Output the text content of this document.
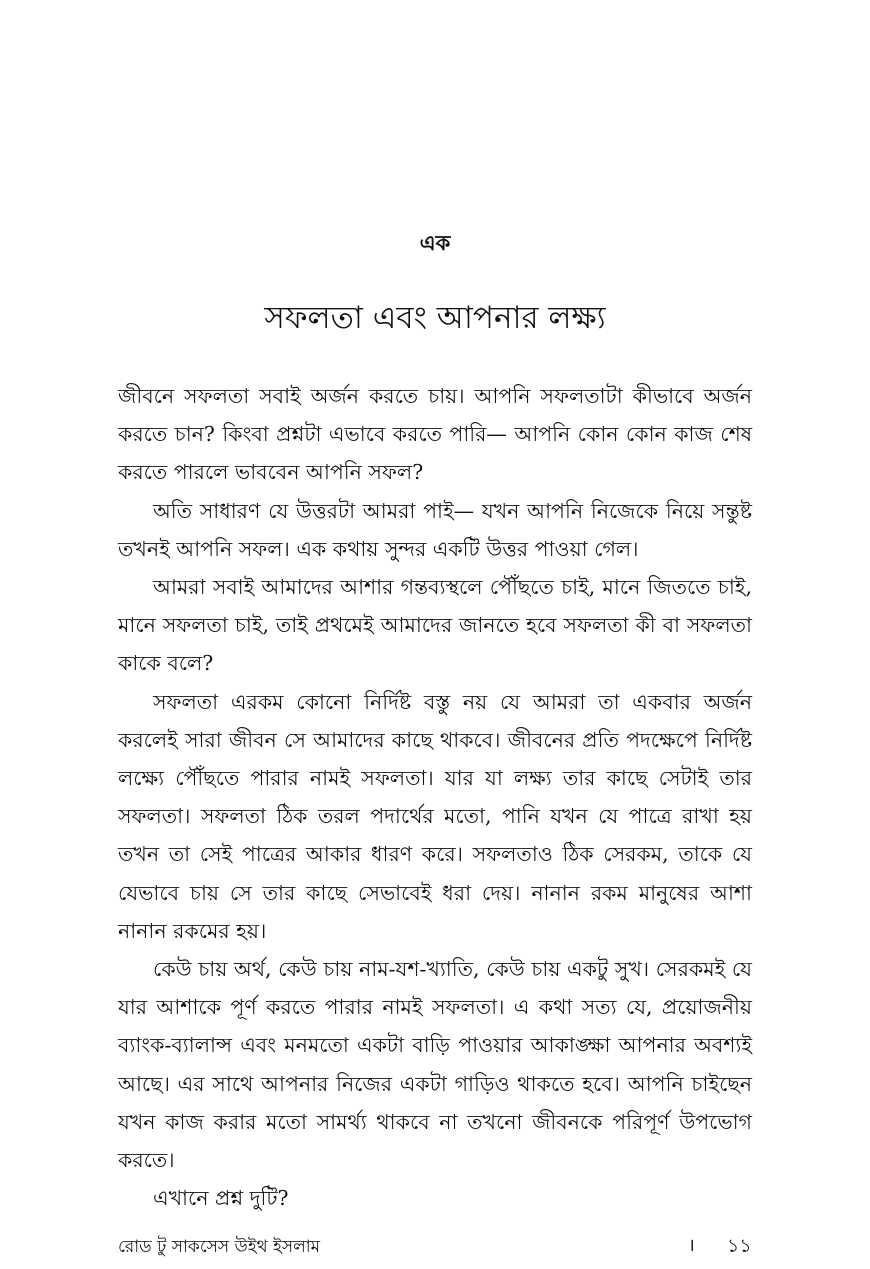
এক
সফলতা এবং আপনার লক্ষ্য

জীবনে সফলতা সবাই অর্জন করতে চায়। আপনি সফলতাটা কীভাবে অর্জন করতে চান? কিংবা প্রশ্নটা এভাবে করতে পারি— আপনি কোন কোন কাজ শেষ করতে পারলে ভাববেন আপনি সফল?

অতি সাধারণ যে উত্তরটা আমরা পাই— যখন আপনি নিজেকে নিয়ে সন্তুষ্ট তখনই আপনি সফল। এক কথায় সুন্দর একটি উত্তর পাওয়া গেল।

আমরা সবাই আমাদের আশার গন্তব্যস্থলে পৌঁছতে চাই, মানে জিততে চাই, মানে সফলতা চাই, তাই প্রথমেই আমাদের জানতে হবে সফলতা কী বা সফলতা কাকে বলে?

সফলতা এরকম কোনো নির্দিষ্ট বস্তু নয় যে আমরা তা একবার অর্জন করলেই সারা জীবন সে আমাদের কাছে থাকবে। জীবনের প্রতি পদক্ষেপে নির্দিষ্ট লক্ষ্যে পৌঁছতে পারার নামই সফলতা। যার যা লক্ষ্য তার কাছে সেটাই তার সফলতা। সফলতা ঠিক তরল পদার্থের মতো, পানি যখন যে পাত্রে রাখা হয় তখন তা সেই পাত্রের আকার ধারণ করে। সফলতাও ঠিক সেরকম, তাকে যে যেভাবে চায় সে তার কাছে সেভাবেই ধরা দেয়। নানান রকম মানুষের আশা নানান রকমের হয়।

কেউ চায় অর্থ, কেউ চায় নাম-যশ-খ্যাতি, কেউ চায় একটু সুখ। সেরকমই যে যার আশাকে পূর্ণ করতে পারার নামই সফলতা। এ কথা সত্য যে, প্রয়োজনীয় ব্যাংক-ব্যালান্স এবং মনমতো একটা বাড়ি পাওয়ার আকাঙ্ক্ষা আপনার অবশ্যই আছে। এর সাথে আপনার নিজের একটা গাড়িও থাকতে হবে। আপনি চাইছেন যখন কাজ করার মতো সামর্থ্য থাকবে না তখনো জীবনকে পরিপূর্ণ উপভোগ করতে।

এখানে প্রশ্ন দুটি?

রোড টু সাকসেস উইথ ইসলাম	। ১১
